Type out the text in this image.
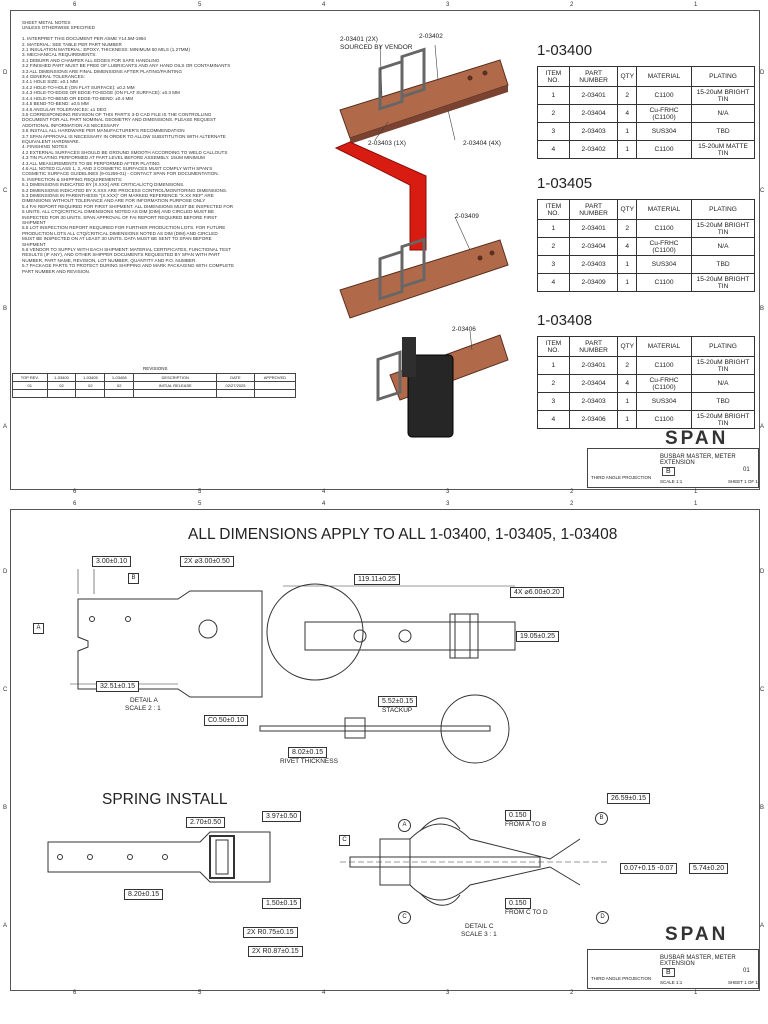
6	5	4	3	2	1
6	5	4	3	2	1
D
C
B
A
D
C
B
A
SHEET METAL NOTES
UNLESS OTHERWISE SPECIFIED
1. INTERPRET THIS DOCUMENT PER ASME Y14.5M-1994
2. MATERIAL: SEE TABLE PER PART NUMBER
2.1 INSULATION MATERIAL: EPOXY, THICKNESS: MINIMUM 50 MILS (1.27MM)
3. MECHANICAL REQUIREMENTS:
3.1 DEBURR AND CHAMFER ALL EDGES FOR SAFE HANDLING
3.2 FINISHED PART MUST BE FREE OF LUBRICANTS AND ANY HAND OILS OR CONTAMINANTS
3.3 ALL DIMENSIONS ARE FINAL DIMENSIONS AFTER PLATING/PAINTING
3.4 GENERAL TOLERANCES:
3.4.1 HOLE SIZE: ±0.1 MM
3.4.2 HOLE-TO-HOLE (ON FLAT SURFACE): ±0.2 MM
3.4.3 HOLE-TO-EDGE OR EDGE-TO-EDGE (ON FLAT SURFACE): ±0.3 MM
3.4.4 HOLE-TO-BEND OR EDGE-TO-BEND: ±0.4 MM
3.4.5 BEND-TO-BEND: ±0.5 MM
3.4.6 ANGULAR TOLERANCES: ±1 DEG
3.5 CORRESPONDING REVISION OF THIS PART'S 3-D CAD FILE IS THE CONTROLLING
DOCUMENT FOR ALL PART NOMINAL GEOMETRY AND DIMENSIONS. PLEASE REQUEST
ADDITIONAL INFORMATION AS NECESSARY
3.6 INSTALL ALL HARDWARE PER MANUFACTURER'S RECOMMENDATION
3.7 SPAN APPROVAL IS NECESSARY IN ORDER TO ALLOW SUBSTITUTION WITH ALTERNATE
EQUIVALENT HARDWARE.
4. FINISHING NOTES
4.2 EXTERNAL SURFACES SHOULD BE GROUND SMOOTH ACCORDING TO WELD CALLOUTS
4.3 TIN PLATING PERFORMED AT PART LEVEL BEFORE ASSEMBLY. 15UM MINIMUM
4.3 ALL MEASUREMENTS TO BE PERFORMED AFTER PLATING
4.6 ALL NOTED CLASS 1, 2, AND 3 COSMETIC SURFACES MUST COMPLY WITH SPAN'S
COSMETIC SURFACE GUIDELINES (9-01259-01) - CONTACT SPAN FOR DOCUMENTATION.
5. INSPECTION & SHIPPING REQUIREMENTS:
5.1 DIMENSIONS INDICATED BY [X.XXX] ARE CRITICAL/CTQ DIMENSIONS.
5.2 DIMENSIONS INDICATED BY X.XXX ARE PROCESS CONTROL/MONITORING DIMENSIONS.
5.3 DIMENSIONS IN PARENTHESIS "(X.XXX)" OR MARKED REFERENCE "X.XX REF" ARE
DIMENSIONS WITHOUT TOLERANCE AND ARE FOR INFORMATION PURPOSE ONLY
5.4 FAI REPORT REQUIRED FOR FIRST SHIPMENT. ALL DIMENSIONS MUST BE INSPECTED FOR
5 UNITS. ALL CTQ/CRITICAL DIMENSIONS NOTED AS DIM (DIM) AND CIRCLED MUST BE
INSPECTED FOR 30 UNITS. SPAN APPROVAL OF FAI REPORT REQUIRED BEFORE FIRST
SHIPMENT
5.5 LOT INSPECTION REPORT REQUIRED FOR FURTHER PRODUCTION LOTS. FOR FUTURE
PRODUCTION LOTS ALL CTQ/CRITICAL DIMENSIONS NOTED AS DIM (DIM) AND CIRCLED
MUST BE INSPECTED ON AT LEAST 30 UNITS. DATA MUST BE SENT TO SPAN BEFORE
SHIPMENT
5.6 VENDOR TO SUPPLY WITH EACH SHIPMENT: MATERIAL CERTIFICATES, FUNCTIONAL TEST
RESULTS (IF ANY), AND OTHER SHIPPER DOCUMENTS REQUESTED BY SPAN WITH PART
NUMBER, PART NAME, REVISION, LOT NUMBER, QUANTITY AND P.O. NUMBER.
5.7 PACKAGE PARTS TO PROTECT DURING SHIPPING AND MARK PACKAGING WITH COMPLETE
PART NUMBER AND REVISION.
REVISIONS
TOP REV.	1-03400	1-03405	1-03408	DESCRIPTION	DATE	APPROVED
01	02	02	02	INITIAL RELEASE	02/27/2025	

2-03401 (2X)
SOURCED BY VENDOR
2-03402
2-03403 (1X)	2-03404 (4X)
2-03409
2-03406
1-03400
ITEM NO.	PART NUMBER	QTY	MATERIAL	PLATING
1	2-03401	2	C1100	15-20uM BRIGHT TIN
2	2-03404	4	Cu-FRHC (C1100)	N/A
3	2-03403	1	SUS304	TBD
4	2-03402	1	C1100	15-20uM MATTE TIN
1-03405
ITEM NO.	PART NUMBER	QTY	MATERIAL	PLATING
1	2-03401	2	C1100	15-20uM BRIGHT TIN
2	2-03404	4	Cu-FRHC (C1100)	N/A
3	2-03403	1	SUS304	TBD
4	2-03409	1	C1100	15-20uM BRIGHT TIN
1-03408
ITEM NO.	PART NUMBER	QTY	MATERIAL	PLATING
1	2-03401	2	C1100	15-20uM BRIGHT TIN
2	2-03404	4	Cu-FRHC (C1100)	N/A
3	2-03403	1	SUS304	TBD
4	2-03406	1	C1100	15-20uM BRIGHT TIN
SPAN
BUSBAR MASTER, METER EXTENSION
B	01
THIRD ANGLE PROJECTION
SCALE 1:1	SHEET 1 OF 1
6	5	4	3	2	1
6	5	4	3	2	1
D
C
B
A
D
C
B
A
ALL DIMENSIONS APPLY TO ALL 1-03400, 1-03405, 1-03408
3.00±0.10	2X ⌀3.00±0.50
B
A
32.51±0.15
DETAIL A
SCALE 2 : 1
119.11±0.25
4X ⌀6.00±0.20
19.05±0.25
5.52±0.15
STACKUP
C0.50±0.10
8.02±0.15
RIVET THICKNESS
SPRING INSTALL
2.70±0.50
3.97±0.50
8.20±0.15
1.50±0.15
2X R0.75±0.15
2X R0.87±0.15
C
A
B
C	D
26.59±0.15
0.150
FROM A TO B
0.150
FROM C TO D
0.07+0.15 -0.07	5.74±0.20
DETAIL C
SCALE 3 : 1	SPAN
BUSBAR MASTER, METER EXTENSION
B	01
THIRD ANGLE PROJECTION
SCALE 1:1	SHEET 1 OF 1
